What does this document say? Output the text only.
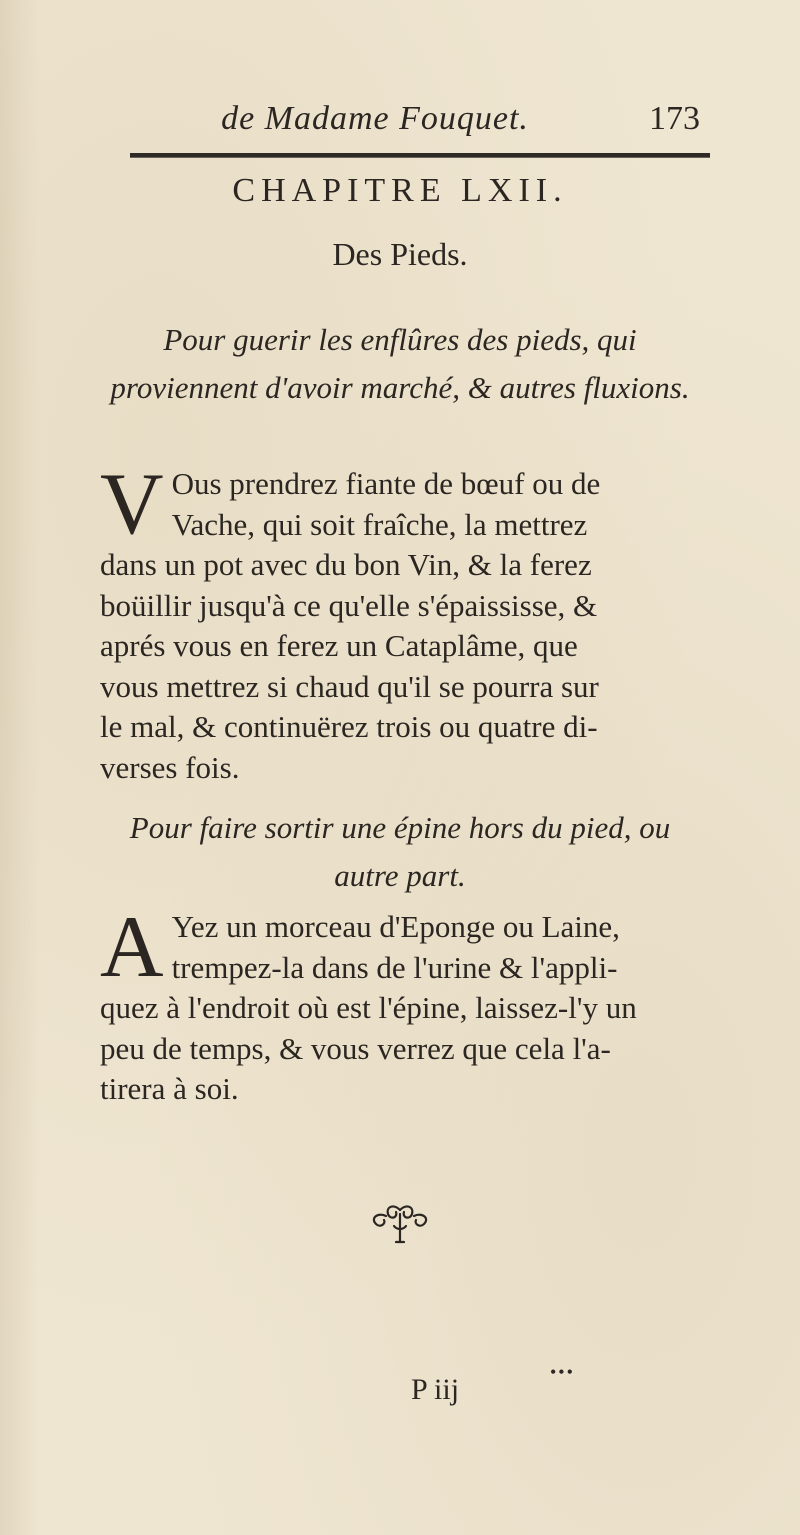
de Madame Fouquet.	173
CHAPITRE LXII.
Des Pieds.
Pour guerir les enflûres des pieds, qui proviennent d'avoir marché, & autres fluxions.
V Ous prendrez fiante de bœuf ou de
Vache, qui soit fraîche, la mettrez
dans un pot avec du bon Vin, & la ferez
boüillir jusqu'à ce qu'elle s'épaississe, &
aprés vous en ferez un Cataplâme, que
vous mettrez si chaud qu'il se pourra sur
le mal, & continuërez trois ou quatre di-
verses fois.
Pour faire sortir une épine hors du pied, ou autre part.
A Yez un morceau d'Eponge ou Laine,
trempez-la dans de l'urine & l'appli-
quez à l'endroit où est l'épine, laissez-l'y un
peu de temps, & vous verrez que cela l'a-
tirera à soi.
•••
P iij
